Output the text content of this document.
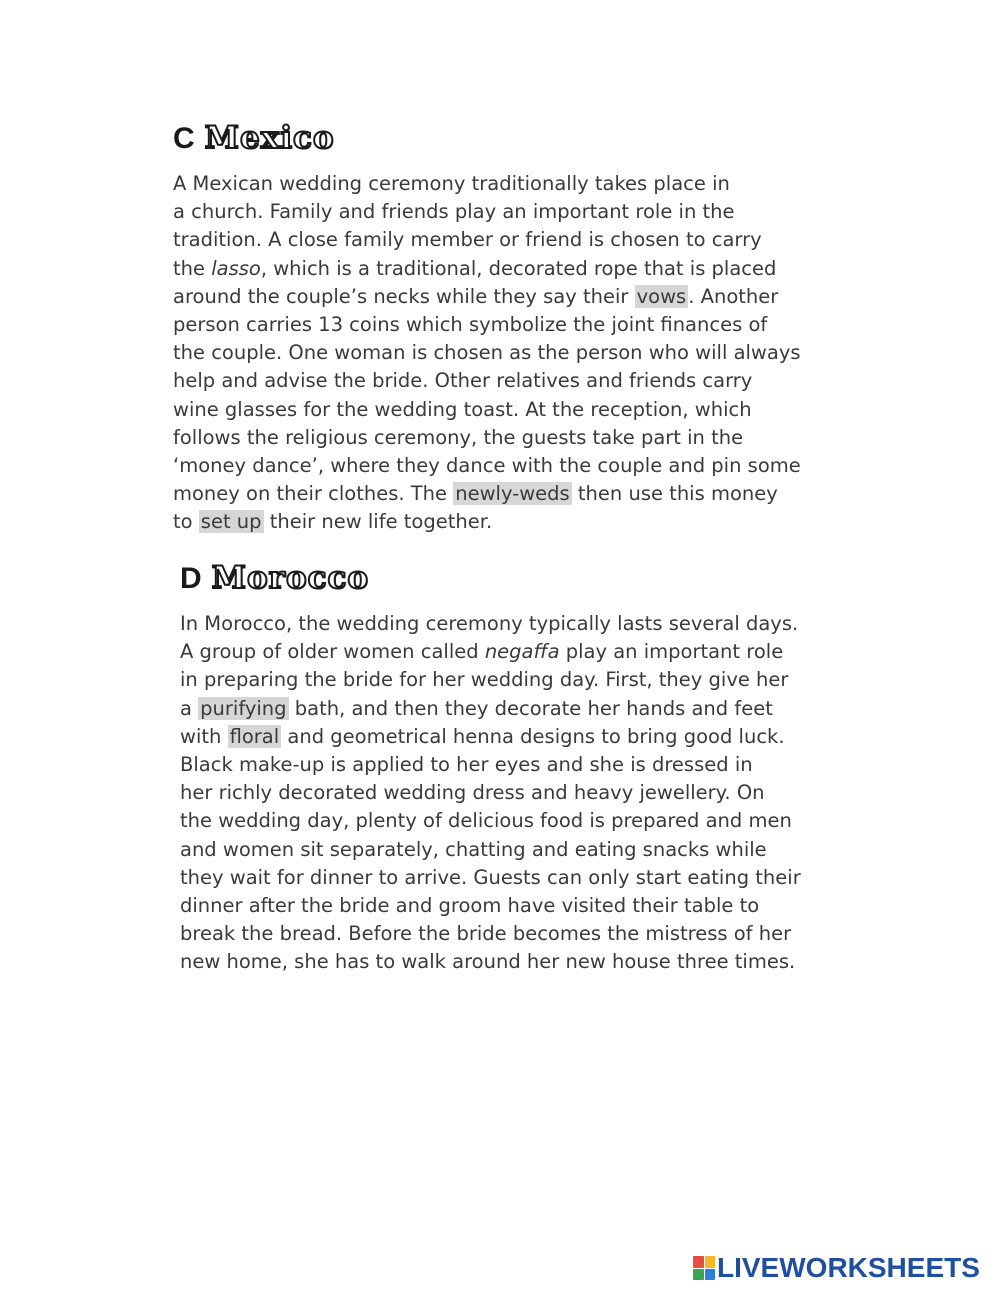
C Mexico
A Mexican wedding ceremony traditionally takes place in
a church. Family and friends play an important role in the
tradition. A close family member or friend is chosen to carry
the lasso, which is a traditional, decorated rope that is placed
around the couple’s necks while they say their vows . Another
person carries 13 coins which symbolize the joint finances of
the couple. One woman is chosen as the person who will always
help and advise the bride. Other relatives and friends carry
wine glasses for the wedding toast. At the reception, which
follows the religious ceremony, the guests take part in the
‘money dance’, where they dance with the couple and pin some
money on their clothes. The newly-weds then use this money
to set up their new life together.
D Morocco
In Morocco, the wedding ceremony typically lasts several days.
A group of older women called negaffa play an important role
in preparing the bride for her wedding day. First, they give her
a purifying bath, and then they decorate her hands and feet
with floral and geometrical henna designs to bring good luck.
Black make-up is applied to her eyes and she is dressed in
her richly decorated wedding dress and heavy jewellery. On
the wedding day, plenty of delicious food is prepared and men
and women sit separately, chatting and eating snacks while
they wait for dinner to arrive. Guests can only start eating their
dinner after the bride and groom have visited their table to
break the bread. Before the bride becomes the mistress of her
new home, she has to walk around her new house three times.
LIVEWORKSHEETS
